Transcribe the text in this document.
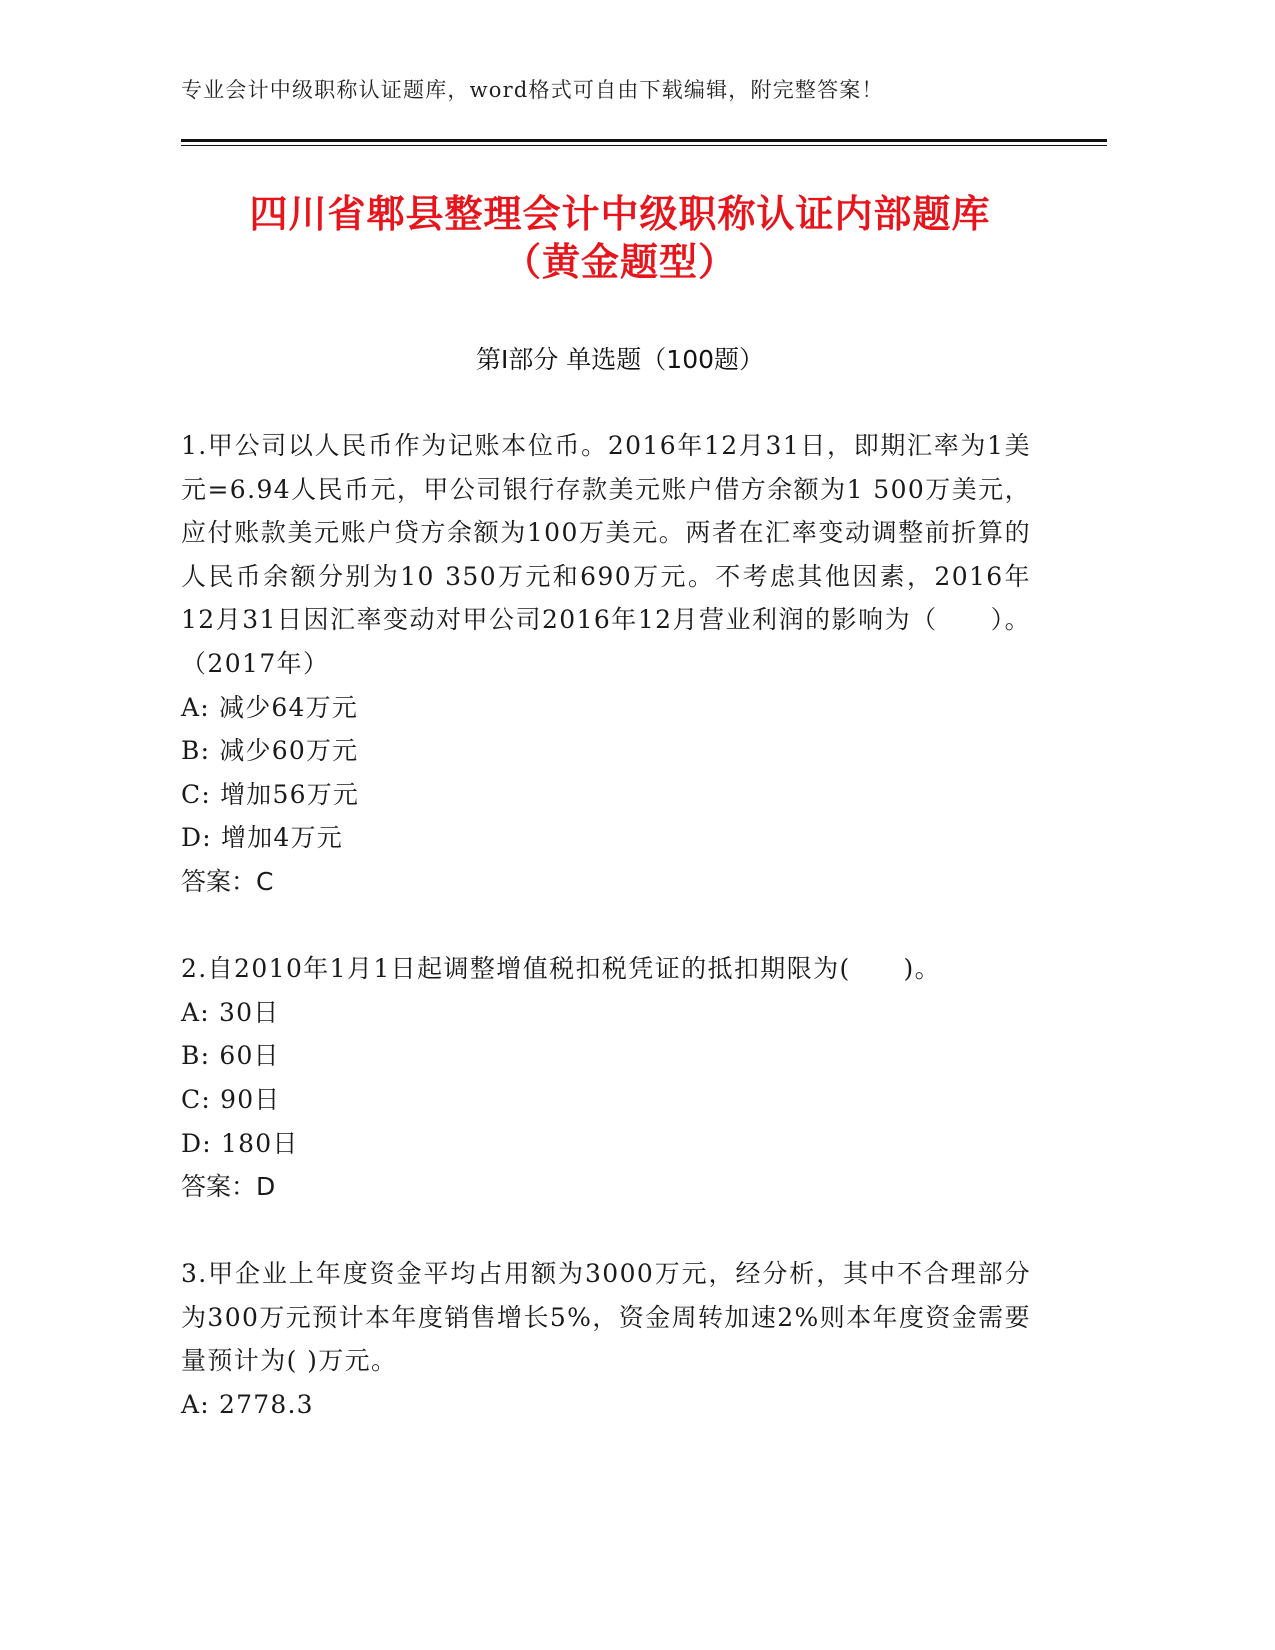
专业会计中级职称认证题库，word格式可自由下载编辑，附完整答案！
四川省郫县整理会计中级职称认证内部题库
（黄金题型）
第Ⅰ部分 单选题（100题）

1.甲公司以人民币作为记账本位币。2016年12月31日，即期汇率为1美元=6.94人民币元，甲公司银行存款美元账户借方余额为1 500万美元，应付账款美元账户贷方余额为100万美元。两者在汇率变动调整前折算的人民币余额分别为10 350万元和690万元。不考虑其他因素，2016年12月31日因汇率变动对甲公司2016年12月营业利润的影响为（　　）。（2017年）

A: 减少64万元

B: 减少60万元

C: 增加56万元

D: 增加4万元

答案：C

2.自2010年1月1日起调整增值税扣税凭证的抵扣期限为(　　)。

A: 30日

B: 60日

C: 90日

D: 180日

答案：D

3.甲企业上年度资金平均占用额为3000万元，经分析，其中不合理部分为300万元预计本年度销售增长5%，资金周转加速2%则本年度资金需要量预计为( )万元。

A: 2778.3
